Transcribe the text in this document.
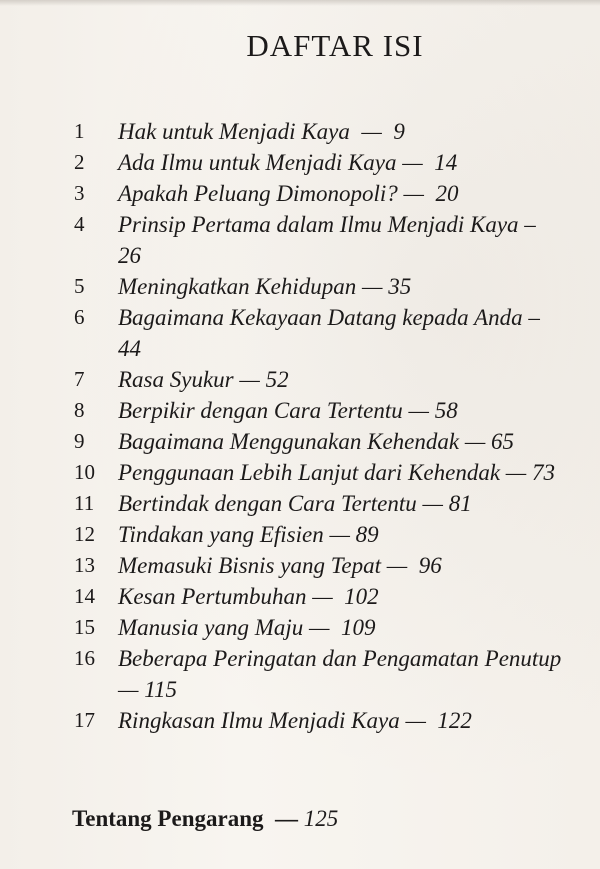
DAFTAR ISI
1	Hak untuk Menjadi Kaya — 9
2	Ada Ilmu untuk Menjadi Kaya — 14
3	Apakah Peluang Dimonopoli? — 20
4	Prinsip Pertama dalam Ilmu Menjadi Kaya –
26
5	Meningkatkan Kehidupan — 35
6	Bagaimana Kekayaan Datang kepada Anda –
44
7	Rasa Syukur — 52
8	Berpikir dengan Cara Tertentu — 58
9	Bagaimana Menggunakan Kehendak — 65
10	Penggunaan Lebih Lanjut dari Kehendak — 73
11	Bertindak dengan Cara Tertentu — 81
12	Tindakan yang Efisien — 89
13	Memasuki Bisnis yang Tepat — 96
14	Kesan Pertumbuhan — 102
15	Manusia yang Maju — 109
16	Beberapa Peringatan dan Pengamatan Penutup
— 115
17	Ringkasan Ilmu Menjadi Kaya — 122
Tentang Pengarang — 125
